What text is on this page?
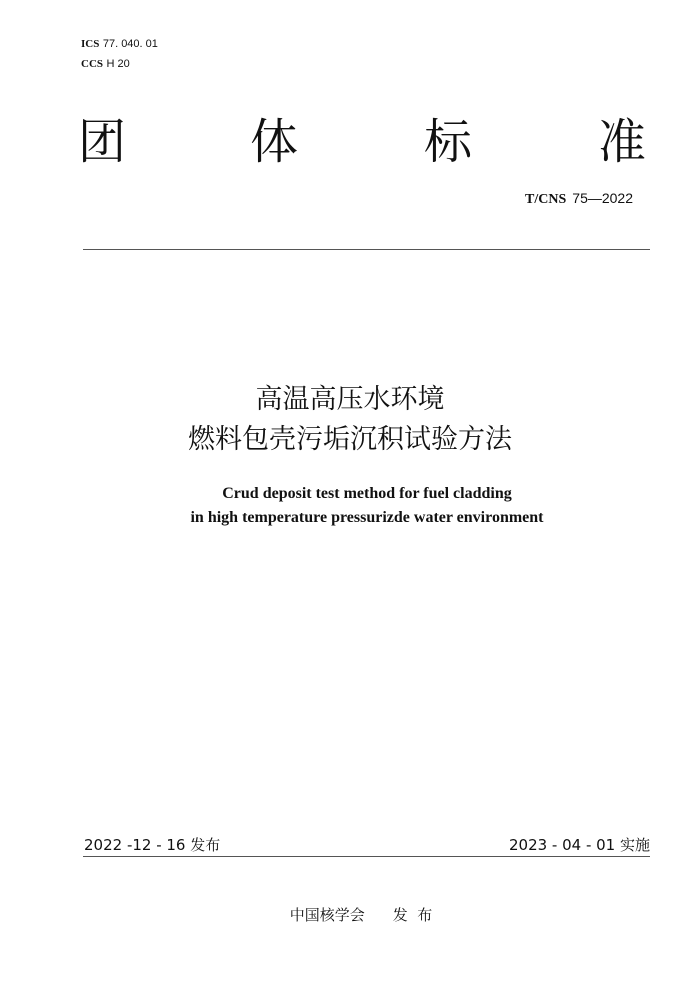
ICS 77. 040. 01
CCS H 20
团	体	标	准
T/CNS 75—2022
高温高压水环境
燃料包壳污垢沉积试验方法
Crud deposit test method for fuel cladding
in high temperature pressurizde water environment
2022 -12 - 16 发布	2023 - 04 - 01 实施
中国核学会 发  布
